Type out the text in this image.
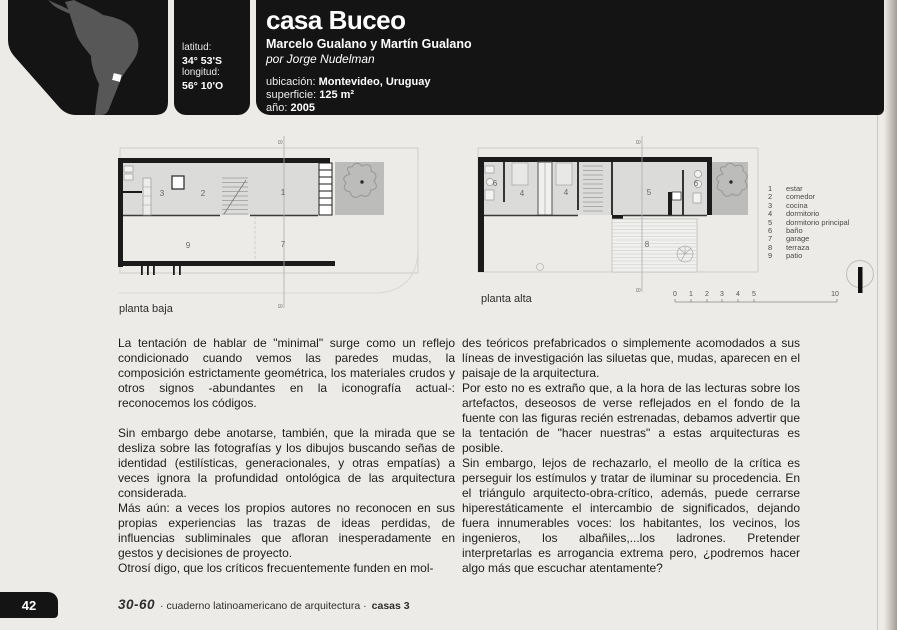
latitud:
34° 53'S
longitud:
56° 10'O
casa Buceo
Marcelo Gualano y Martín Gualano
por Jorge Nudelman
ubicación: Montevideo, Uruguay
superficie: 125 m²
año: 2005
B
B
3	2	1
9	7
planta baja
B
B
6
4	4	5
6
8
planta alta	0 1 2 3 4 5	10
1	estar
2	comedor
3	cocina
4	dormitorio
5	dormitorio principal
6	baño
7	garage
8	terraza
9	patio

La tentación de hablar de "minimal" surge como un reflejo condicionado cuando vemos las paredes mudas, la composición estrictamente geométrica, los materiales crudos y otros signos -abundantes en la iconografía actual-: reconocemos los códigos.

Sin embargo debe anotarse, también, que la mirada que se desliza sobre las fotografías y los dibujos buscando señas de identidad (estilísticas, generacionales, y otras empatías) a veces ignora la profundidad ontológica de las arquitectura considerada.

Más aún: a veces los propios autores no reconocen en sus propias experiencias las trazas de ideas perdidas, de influencias subliminales que afloran inesperadamente en gestos y decisiones de proyecto.

Otrosí digo, que los críticos frecuentemente funden en mol-

des teóricos prefabricados o simplemente acomodados a sus líneas de investigación las siluetas que, mudas, aparecen en el paisaje de la arquitectura.

Por esto no es extraño que, a la hora de las lecturas sobre los artefactos, deseosos de verse reflejados en el fondo de la fuente con las figuras recién estrenadas, debamos advertir que la tentación de "hacer nuestras" a estas arquitecturas es posible.

Sin embargo, lejos de rechazarlo, el meollo de la crítica es perseguir los estímulos y tratar de iluminar su procedencia. En el triángulo arquitecto-obra-crítico, además, puede cerrarse hiperestáticamente el intercambio de significados, dejando fuera innumerables voces: los habitantes, los vecinos, los ingenieros, los albañiles,...los ladrones. Pretender interpretarlas es arrogancia extrema pero, ¿podremos hacer algo más que escuchar atentamente?

42	30-60 · cuaderno latinoamericano de arquitectura · casas 3
